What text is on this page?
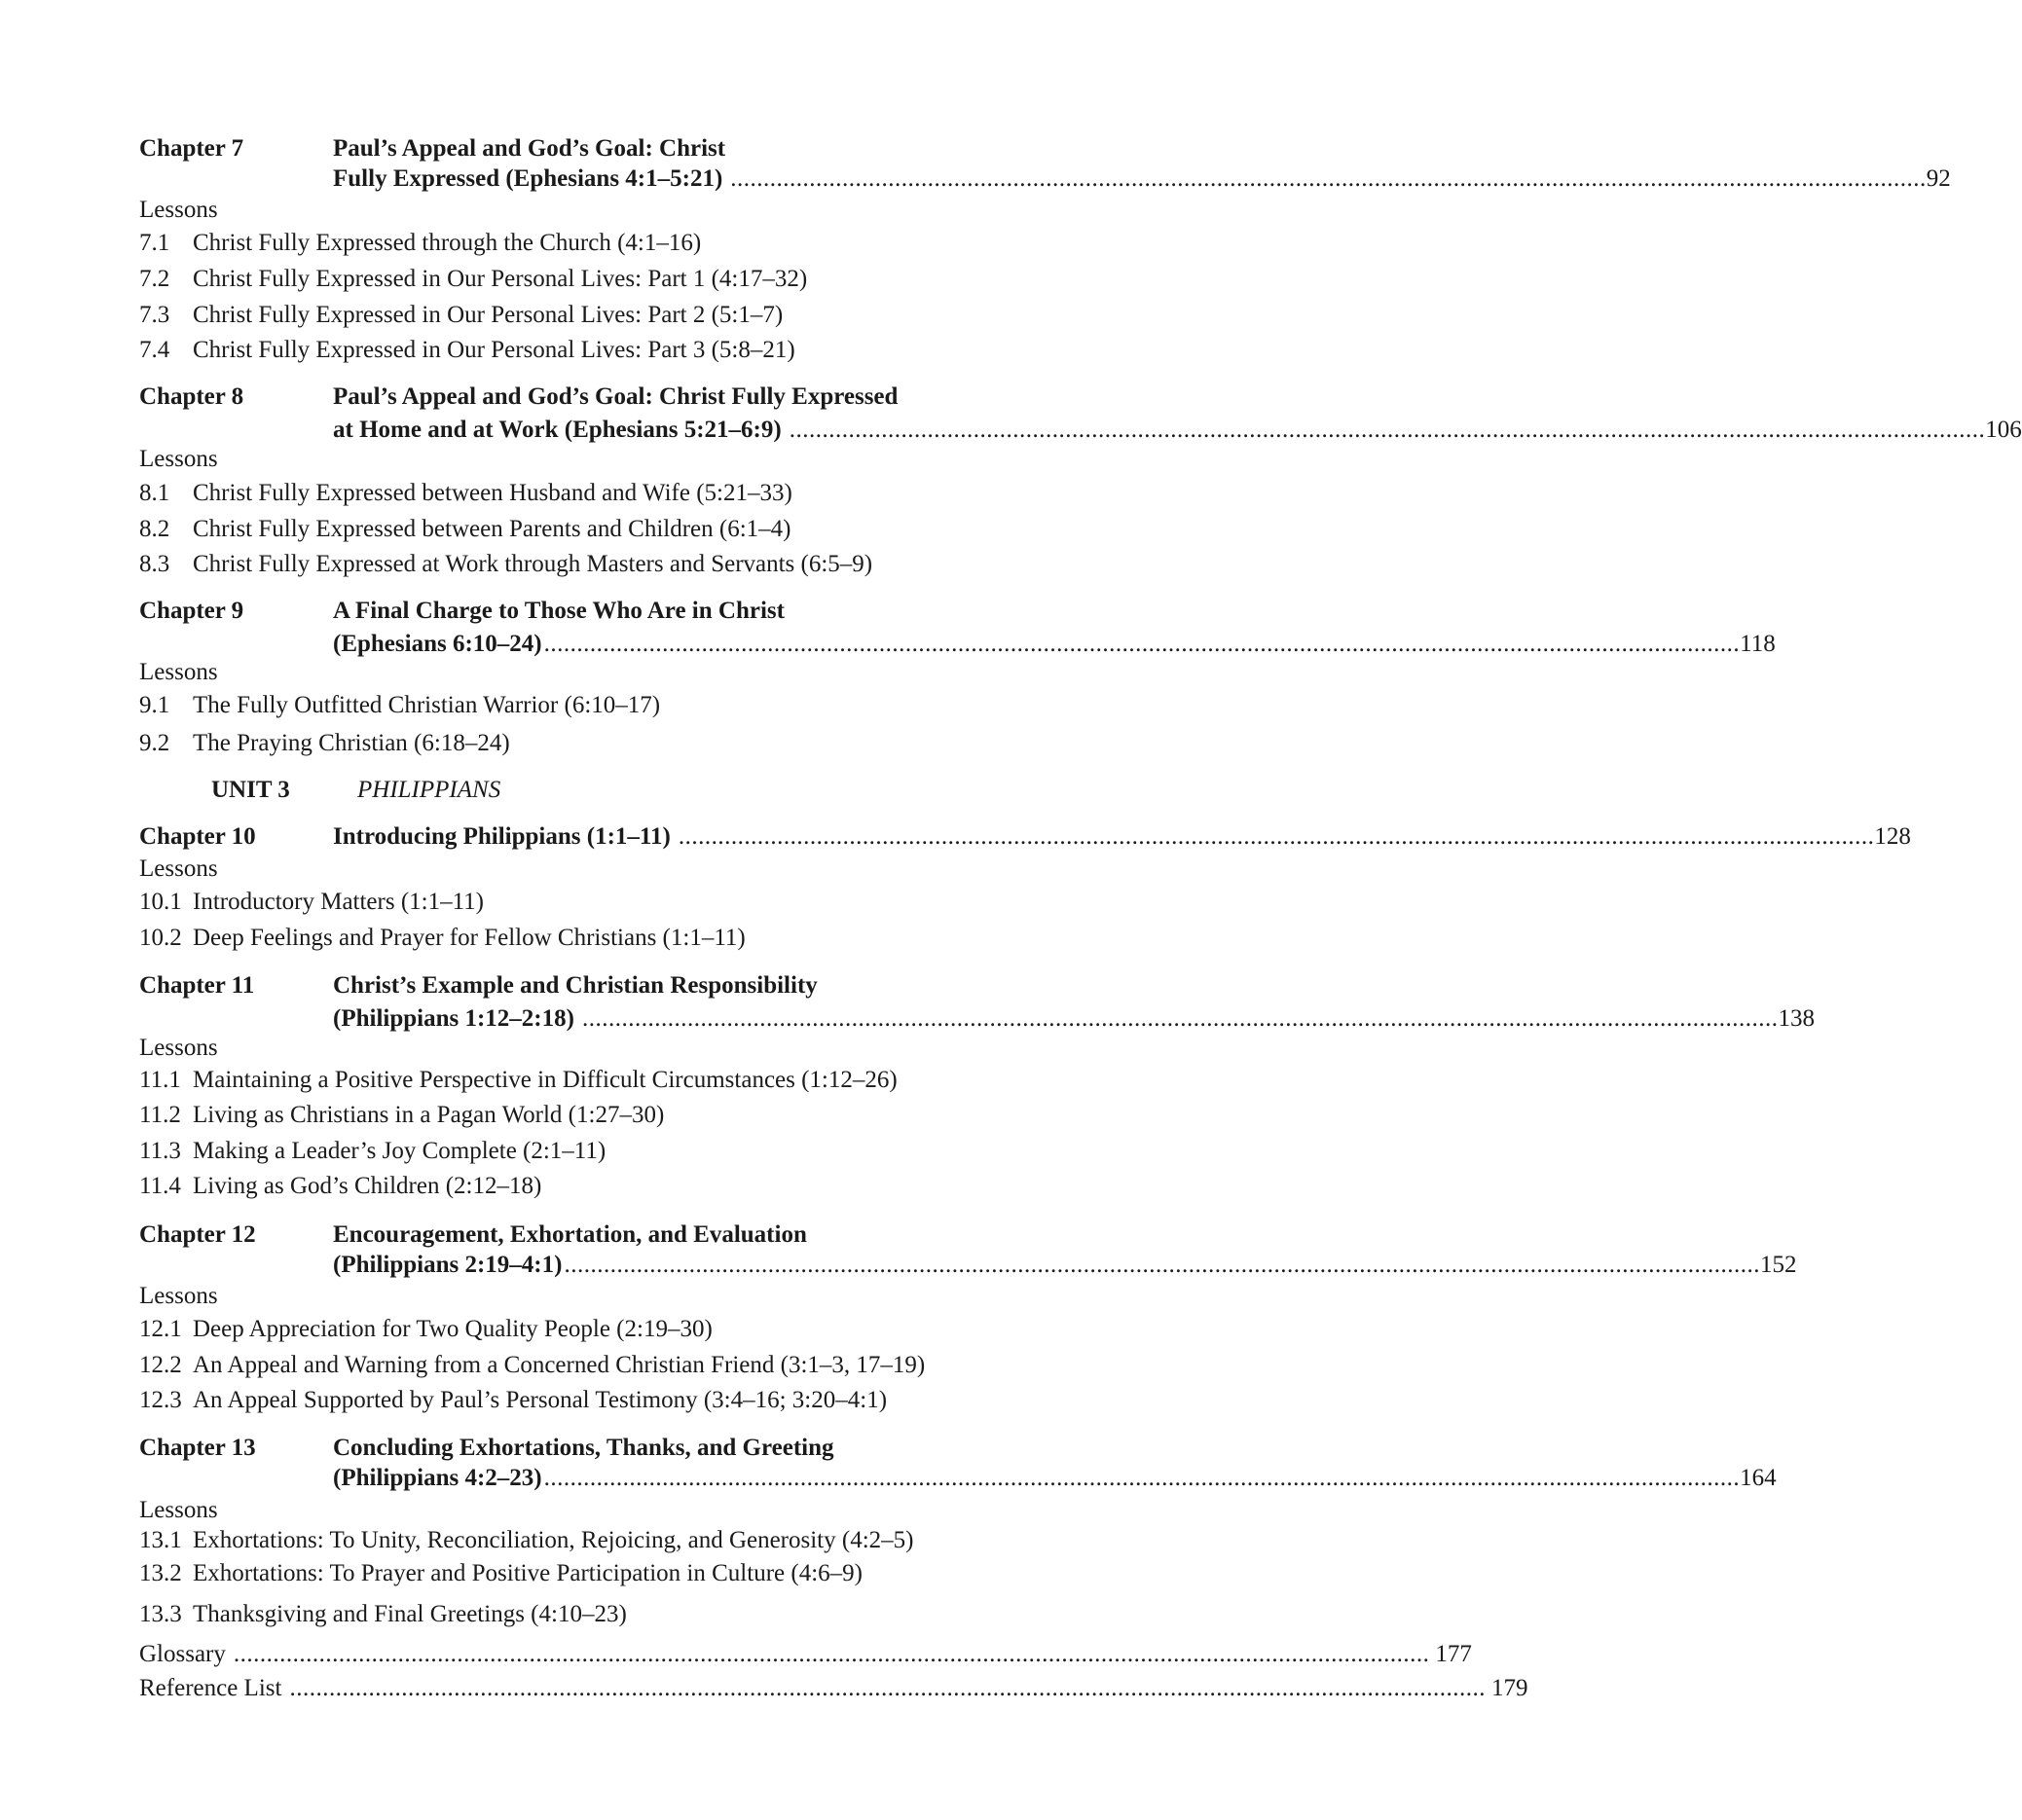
Chapter 7	Paul’s Appeal and God’s Goal: Christ
Fully Expressed (Ephesians 4:1–5:21) ...................................................................................................................................................................................... 92
Lessons
7.1 Christ Fully Expressed through the Church (4:1–16)
7.2 Christ Fully Expressed in Our Personal Lives: Part 1 (4:17–32)
7.3 Christ Fully Expressed in Our Personal Lives: Part 2 (5:1–7)
7.4 Christ Fully Expressed in Our Personal Lives: Part 3 (5:8–21)
Chapter 8	Paul’s Appeal and God’s Goal: Christ Fully Expressed
at Home and at Work (Ephesians 5:21–6:9) ...................................................................................................................................................................................... 106
Lessons
8.1 Christ Fully Expressed between Husband and Wife (5:21–33)
8.2 Christ Fully Expressed between Parents and Children (6:1–4)
8.3 Christ Fully Expressed at Work through Masters and Servants (6:5–9)
Chapter 9	A Final Charge to Those Who Are in Christ
(Ephesians 6:10–24) ...................................................................................................................................................................................... 118
Lessons
9.1 The Fully Outfitted Christian Warrior (6:10–17)
9.2 The Praying Christian (6:18–24)
UNIT 3	PHILIPPIANS
Chapter 10	Introducing Philippians (1:1–11) ...................................................................................................................................................................................... 128
Lessons
10.1 Introductory Matters (1:1–11)
10.2 Deep Feelings and Prayer for Fellow Christians (1:1–11)
Chapter 11	Christ’s Example and Christian Responsibility
(Philippians 1:12–2:18) ...................................................................................................................................................................................... 138
Lessons
11.1 Maintaining a Positive Perspective in Difficult Circumstances (1:12–26)
11.2 Living as Christians in a Pagan World (1:27–30)
11.3 Making a Leader’s Joy Complete (2:1–11)
11.4 Living as God’s Children (2:12–18)
Chapter 12	Encouragement, Exhortation, and Evaluation
(Philippians 2:19–4:1) ...................................................................................................................................................................................... 152
Lessons
12.1 Deep Appreciation for Two Quality People (2:19–30)
12.2 An Appeal and Warning from a Concerned Christian Friend (3:1–3, 17–19)
12.3 An Appeal Supported by Paul’s Personal Testimony (3:4–16; 3:20–4:1)
Chapter 13	Concluding Exhortations, Thanks, and Greeting
(Philippians 4:2–23) ...................................................................................................................................................................................... 164
Lessons
13.1 Exhortations: To Unity, Reconciliation, Rejoicing, and Generosity (4:2–5)
13.2 Exhortations: To Prayer and Positive Participation in Culture (4:6–9)
13.3 Thanksgiving and Final Greetings (4:10–23)
Glossary ...................................................................................................................................................................................... 177
Reference List ...................................................................................................................................................................................... 179
